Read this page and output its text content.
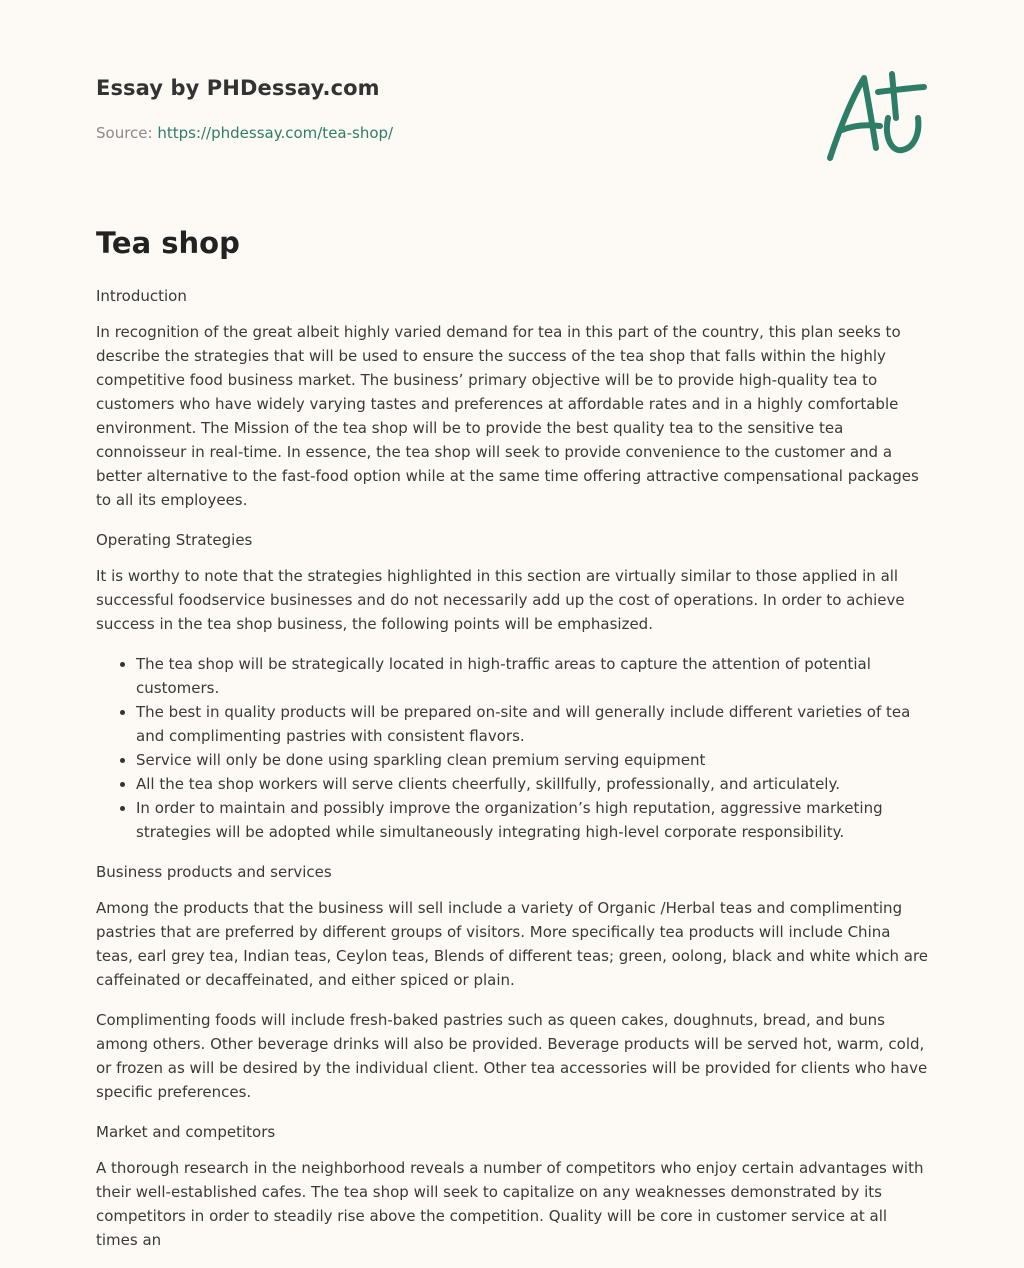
Essay by PHDessay.com

Source: https://phdessay.com/tea-shop/

Tea shop

Introduction

In recognition of the great albeit highly varied demand for tea in this part of the country, this plan seeks to describe the strategies that will be used to ensure the success of the tea shop that falls within the highly competitive food business market. The business’ primary objective will be to provide high-quality tea to customers who have widely varying tastes and preferences at affordable rates and in a highly comfortable environment. The Mission of the tea shop will be to provide the best quality tea to the sensitive tea connoisseur in real-time. In essence, the tea shop will seek to provide convenience to the customer and a better alternative to the fast-food option while at the same time offering attractive compensational packages to all its employees.

Operating Strategies

It is worthy to note that the strategies highlighted in this section are virtually similar to those applied in all successful foodservice businesses and do not necessarily add up the cost of operations. In order to achieve success in the tea shop business, the following points will be emphasized.

• The tea shop will be strategically located in high-traffic areas to capture the attention of potential customers.
• The best in quality products will be prepared on-site and will generally include different varieties of tea and complimenting pastries with consistent flavors.
• Service will only be done using sparkling clean premium serving equipment
• All the tea shop workers will serve clients cheerfully, skillfully, professionally, and articulately.
• In order to maintain and possibly improve the organization’s high reputation, aggressive marketing strategies will be adopted while simultaneously integrating high-level corporate responsibility.

Business products and services

Among the products that the business will sell include a variety of Organic /Herbal teas and complimenting pastries that are preferred by different groups of visitors. More specifically tea products will include China teas, earl grey tea, Indian teas, Ceylon teas, Blends of different teas; green, oolong, black and white which are caffeinated or decaffeinated, and either spiced or plain.

Complimenting foods will include fresh-baked pastries such as queen cakes, doughnuts, bread, and buns among others. Other beverage drinks will also be provided. Beverage products will be served hot, warm, cold, or frozen as will be desired by the individual client. Other tea accessories will be provided for clients who have specific preferences.

Market and competitors

A thorough research in the neighborhood reveals a number of competitors who enjoy certain advantages with their well-established cafes. The tea shop will seek to capitalize on any weaknesses demonstrated by its competitors in order to steadily rise above the competition. Quality will be core in customer service at all times an
